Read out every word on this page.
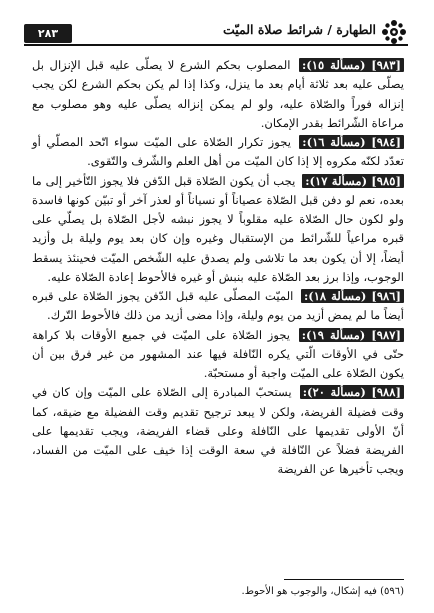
٢٨٣	الطهارة / شرائط صلاة الميّت

[٩٨٣] (مسألة ١٥): المصلوب بحكم الشرع لا يصلّى عليه قبل الإنزال بل يصلّى عليه بعد ثلاثة أيام بعد ما ينزل، وكذا إذا لم يكن بحكم الشرع لكن يجب إنزاله فوراً والصّلاة عليه، ولو لم يمكن إنزاله يصلّى عليه وهو مصلوب مع مراعاة الشّرائط بقدر الإمكان.

[٩٨٤] (مسألة ١٦): يجوز تكرار الصّلاة على الميّت سواء اتّحد المصلّي أو تعدّد لكنّه مكروه إلا إذا كان الميّت من أهل العلم والشّرف والتّقوى.

[٩٨٥] (مسألة ١٧): يجب أن يكون الصّلاة قبل الدّفن فلا يجوز التّأخير إلى ما بعده، نعم لو دفن قبل الصّلاة عصياناً أو نسياناً أو لعذر آخر أو تبيّن كونها فاسدة ولو لكون حال الصّلاة عليه مقلوباً لا يجوز نبشه لأجل الصّلاة بل يصلّي على قبره مراعياً للشّرائط من الإستقبال وغيره وإن كان بعد يوم وليلة بل وأزيد أيضاً، إلا أن يكون بعد ما تلاشى ولم يصدق عليه الشّخص الميّت فحينئذ يسقط الوجوب، وإذا برز بعد الصّلاة عليه بنبش أو غيره فالأحوط إعادة الصّلاة عليه.

[٩٨٦] (مسألة ١٨): الميّت المصلّى عليه قبل الدّفن يجوز الصّلاة على قبره أيضاً ما لم يمض أزيد من يوم وليلة، وإذا مضى أزيد من ذلك فالأحوط التّرك.

[٩٨٧] (مسألة ١٩): يجوز الصّلاة على الميّت في جميع الأوقات بلا كراهة حتّى في الأوقات الّتي يكره النّافلة فيها عند المشهور من غير فرق بين أن يكون الصّلاة على الميّت واجبة أو مستحبّة.

[٩٨٨] (مسألة ٢٠): يستحبّ المبادرة إلى الصّلاة على الميّت وإن كان في وقت فضيلة الفريضة، ولكن لا يبعد ترجيح تقديم وقت الفضيلة مع ضيقه، كما أنّ الأولى تقديمها على النّافلة وعلى قضاء الفريضة، ويجب تقديمها على الفريضة فضلاً عن النّافلة في سعة الوقت إذا خيف على الميّت من الفساد، ويجب تأخيرها عن الفريضة

(٥٩٦) فيه إشكال، والوجوب هو الأحوط.
